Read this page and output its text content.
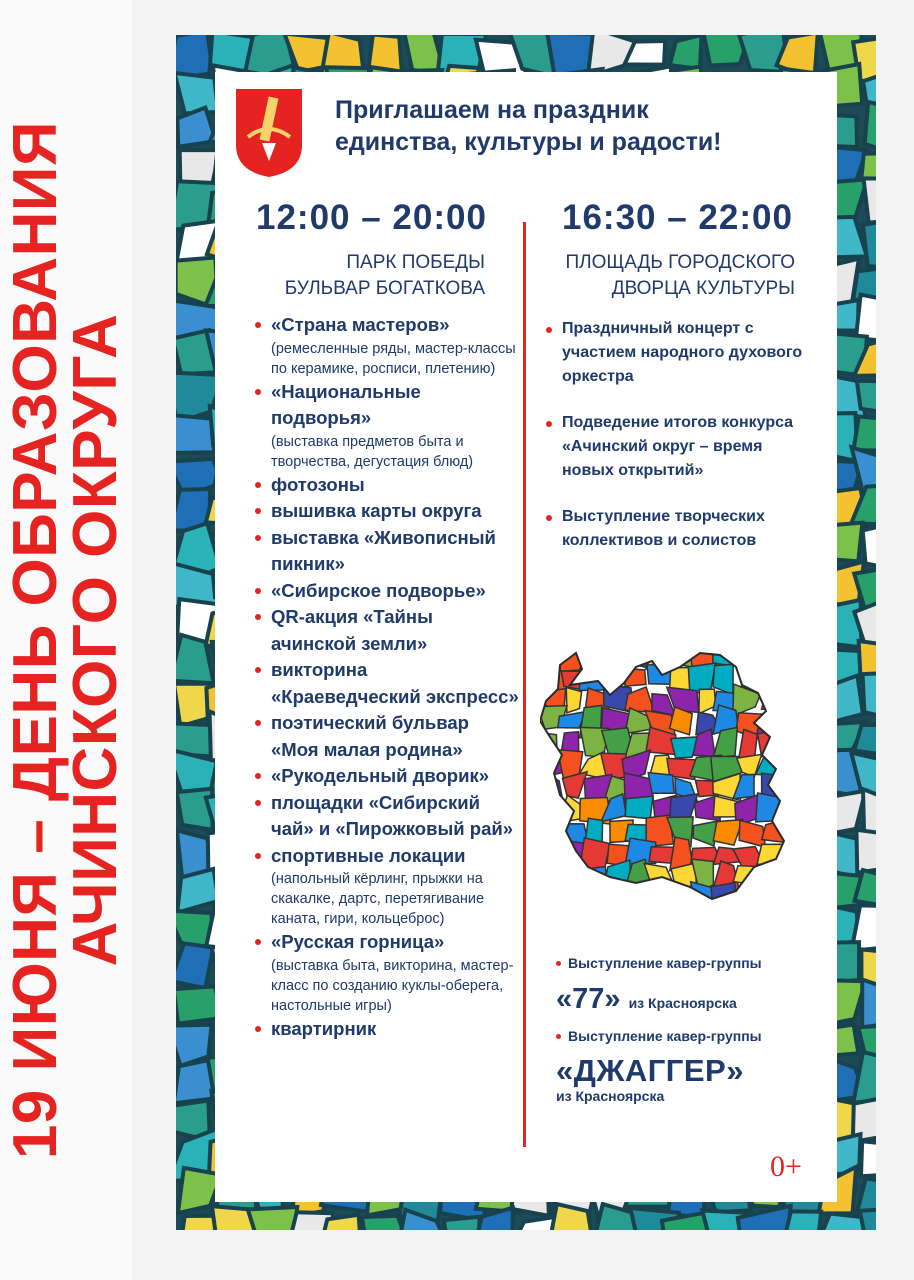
19 ИЮНЯ – ДЕНЬ ОБРАЗОВАНИЯ
АЧИНСКОГО ОКРУГА
Приглашаем на праздник
единства, культуры и радости!
12:00 – 20:00
ПАРК ПОБЕДЫ
БУЛЬВАР БОГАТКОВА
16:30 – 22:00
ПЛОЩАДЬ ГОРОДСКОГО
ДВОРЦА КУЛЬТУРЫ
«Страна мастеров»
(ремесленные ряды, мастер-классы по керамике, росписи, плетению)
«Национальные подворья»
(выставка предметов быта и творчества, дегустация блюд)
фотозоны
вышивка карты округа
выставка «Живописный пикник»
«Сибирское подворье»
QR-акция «Тайны ачинской земли»
викторина «Краеведческий экспресс»
поэтический бульвар «Моя малая родина»
«Рукодельный дворик»
площадки «Сибирский чай» и «Пирожковый рай»
спортивные локации
(напольный кёрлинг, прыжки на скакалке, дартс, перетягивание каната, гири, кольцеброс)
«Русская горница»
(выставка быта, викторина, мастер-класс по созданию куклы-оберега, настольные игры)
квартирник
Праздничный концерт с участием народного духового оркестра
Подведение итогов конкурса «Ачинский округ – время новых открытий»
Выступление творческих коллективов и солистов
Выступление кавер-группы
«77» из Красноярска
Выступление кавер-группы
«ДЖАГГЕР»
из Красноярска
0+
